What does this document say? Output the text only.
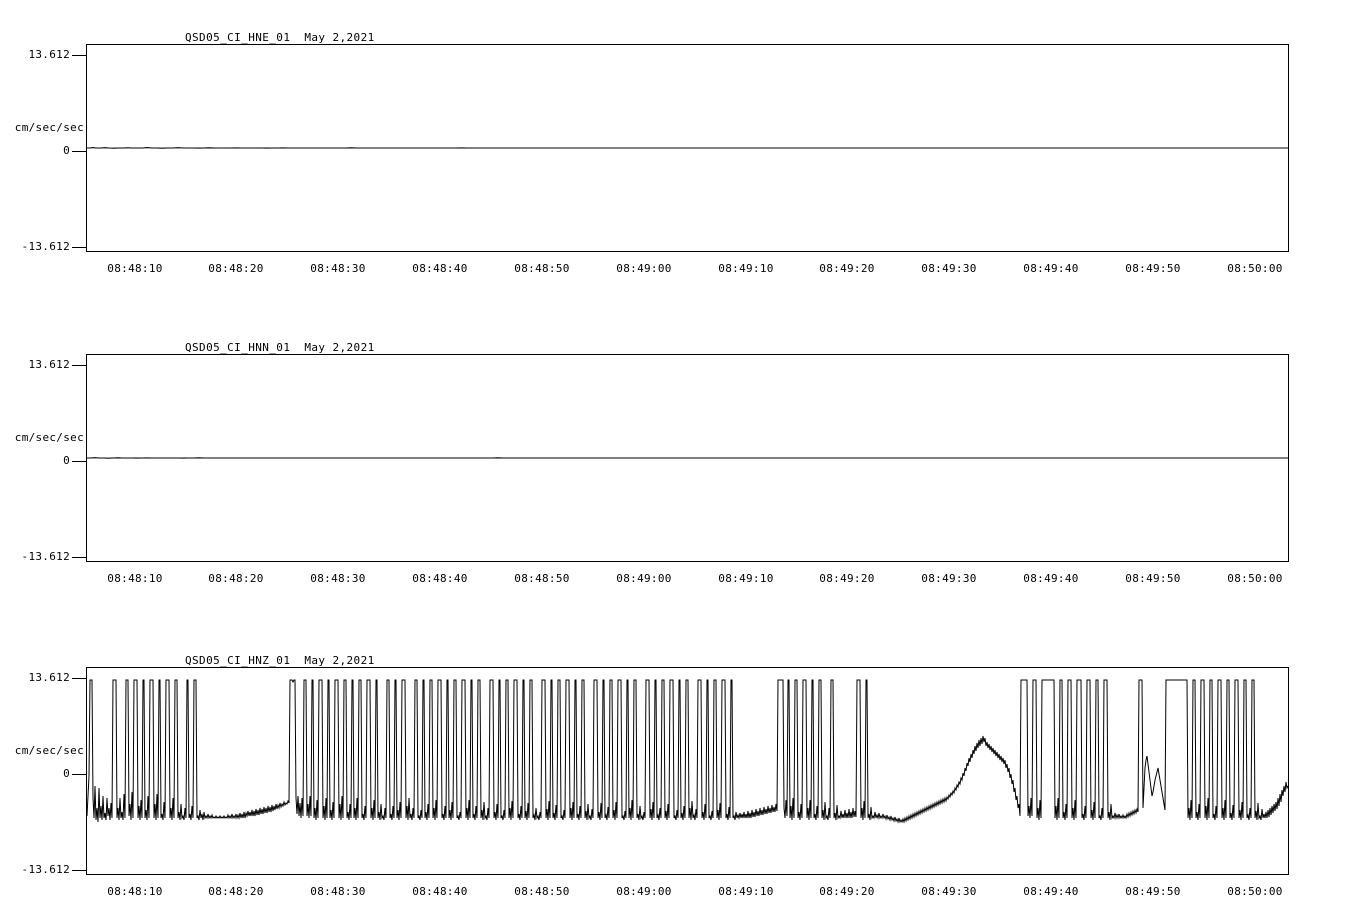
QSD05_CI_HNE_01  May 2,2021
13.612
cm/sec/sec
0
-13.612
08:48:10	08:48:20	08:48:30	08:48:40	08:48:50	08:49:00	08:49:10	08:49:20	08:49:30	08:49:40	08:49:50	08:50:00
QSD05_CI_HNN_01  May 2,2021
13.612
cm/sec/sec
0
-13.612
08:48:10	08:48:20	08:48:30	08:48:40	08:48:50	08:49:00	08:49:10	08:49:20	08:49:30	08:49:40	08:49:50	08:50:00
QSD05_CI_HNZ_01  May 2,2021
13.612
cm/sec/sec
0
-13.612
08:48:10	08:48:20	08:48:30	08:48:40	08:48:50	08:49:00	08:49:10	08:49:20	08:49:30	08:49:40	08:49:50	08:50:00
